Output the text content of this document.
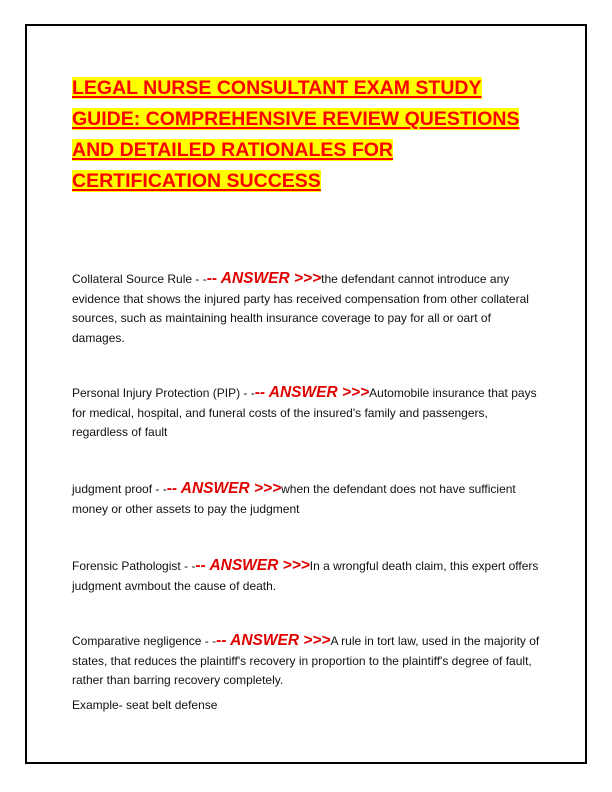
LEGAL NURSE CONSULTANT EXAM STUDY GUIDE: COMPREHENSIVE REVIEW QUESTIONS AND DETAILED RATIONALES FOR CERTIFICATION SUCCESS

Collateral Source Rule - --- ANSWER >>>the defendant cannot introduce any evidence that shows the injured party has received compensation from other collateral sources, such as maintaining health insurance coverage to pay for all or oart of damages.

Personal Injury Protection (PIP) - --- ANSWER >>>Automobile insurance that pays for medical, hospital, and funeral costs of the insured's family and passengers, regardless of fault

judgment proof - --- ANSWER >>>when the defendant does not have sufficient money or other assets to pay the judgment

Forensic Pathologist - --- ANSWER >>>In a wrongful death claim, this expert offers judgment avmbout the cause of death.

Comparative negligence - --- ANSWER >>>A rule in tort law, used in the majority of states, that reduces the plaintiff's recovery in proportion to the plaintiff's degree of fault, rather than barring recovery completely.

Example- seat belt defense
